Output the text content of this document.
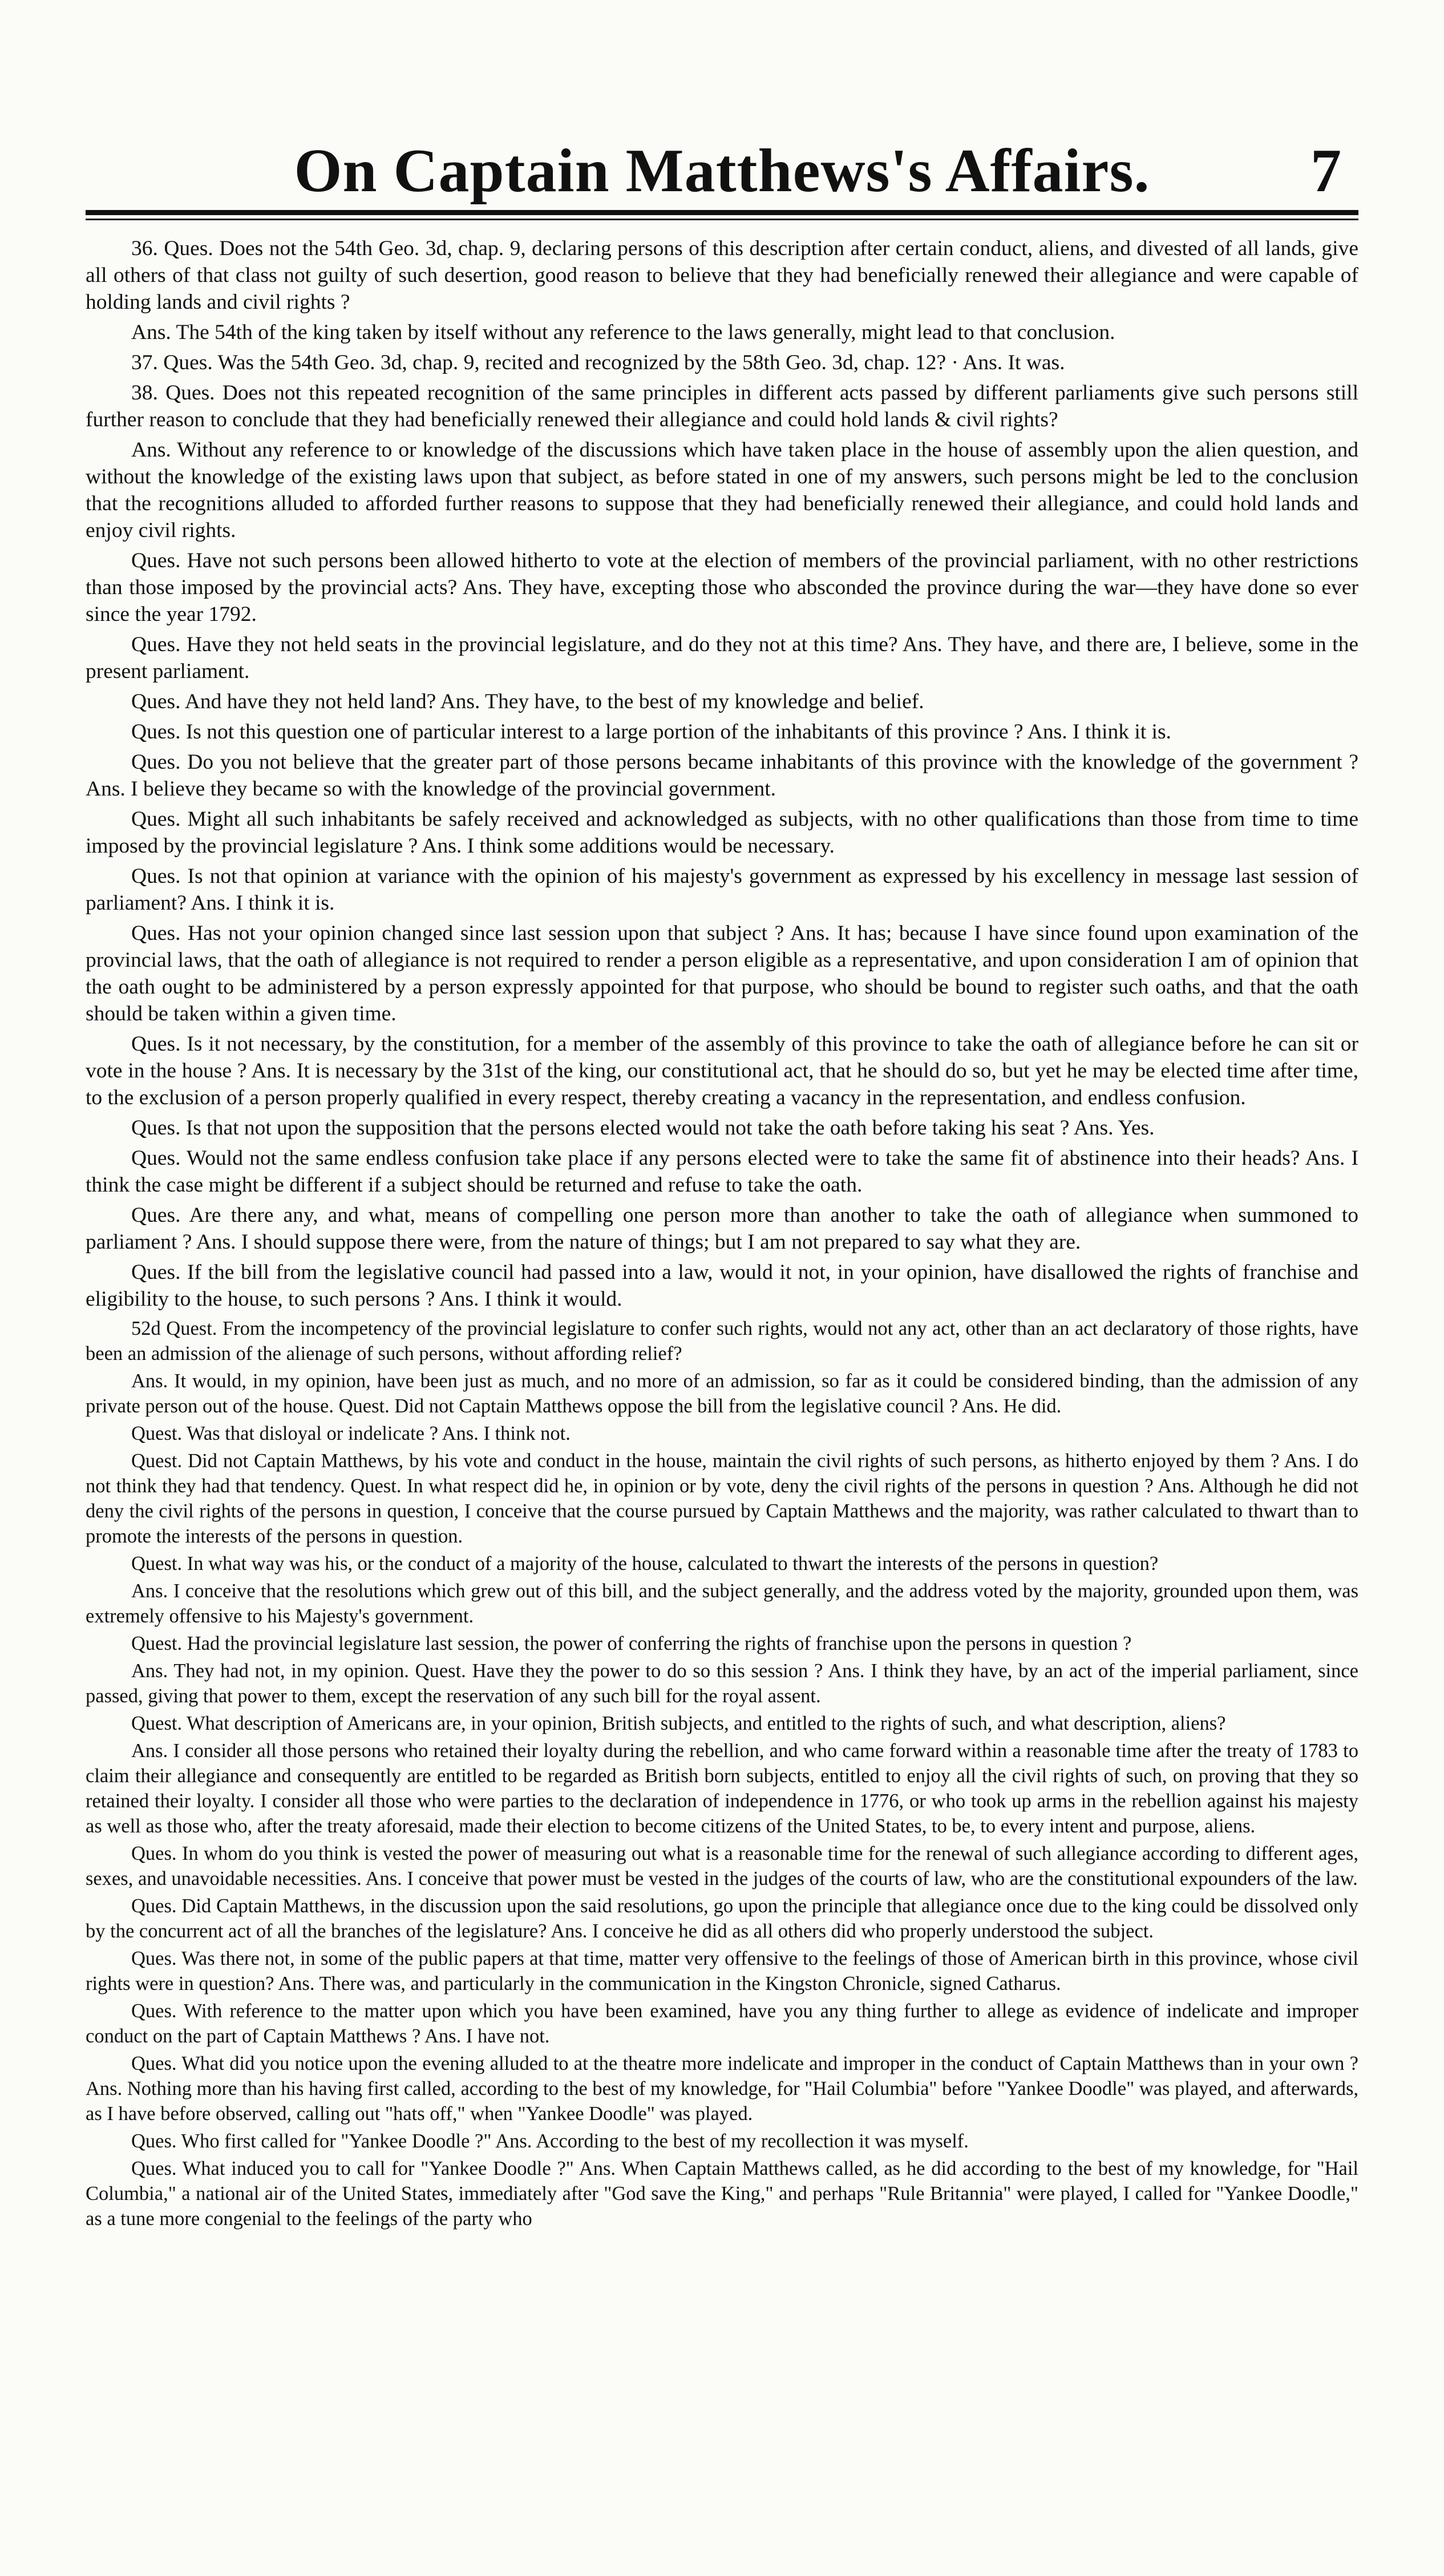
On Captain Matthews's Affairs.	7

36. Ques. Does not the 54th Geo. 3d, chap. 9, declaring persons of this description after certain conduct, aliens, and divested of all lands, give all others of that class not guilty of such desertion, good reason to believe that they had beneficially renewed their allegiance and were capable of holding lands and civil rights ?

Ans. The 54th of the king taken by itself without any reference to the laws generally, might lead to that conclusion.

37. Ques. Was the 54th Geo. 3d, chap. 9, recited and recognized by the 58th Geo. 3d, chap. 12? · Ans. It was.

38. Ques. Does not this repeated recognition of the same principles in different acts passed by different parliaments give such persons still further reason to conclude that they had beneficially renewed their allegiance and could hold lands & civil rights?

Ans. Without any reference to or knowledge of the discussions which have taken place in the house of assembly upon the alien question, and without the knowledge of the existing laws upon that subject, as before stated in one of my answers, such persons might be led to the conclusion that the recognitions alluded to afforded further reasons to suppose that they had beneficially renewed their allegiance, and could hold lands and enjoy civil rights.

Ques. Have not such persons been allowed hitherto to vote at the election of members of the provincial parliament, with no other restrictions than those imposed by the provincial acts? Ans. They have, excepting those who absconded the province during the war—they have done so ever since the year 1792.

Ques. Have they not held seats in the provincial legislature, and do they not at this time? Ans. They have, and there are, I believe, some in the present parliament.

Ques. And have they not held land? Ans. They have, to the best of my knowledge and belief.

Ques. Is not this question one of particular interest to a large portion of the inhabitants of this province ? Ans. I think it is.

Ques. Do you not believe that the greater part of those persons became inhabitants of this province with the knowledge of the government ? Ans. I believe they became so with the knowledge of the provincial government.

Ques. Might all such inhabitants be safely received and acknowledged as subjects, with no other qualifications than those from time to time imposed by the provincial legislature ? Ans. I think some additions would be necessary.

Ques. Is not that opinion at variance with the opinion of his majesty's government as expressed by his excellency in message last session of parliament? Ans. I think it is.

Ques. Has not your opinion changed since last session upon that subject ? Ans. It has; because I have since found upon examination of the provincial laws, that the oath of allegiance is not required to render a person eligible as a representative, and upon consideration I am of opinion that the oath ought to be administered by a person expressly appointed for that purpose, who should be bound to register such oaths, and that the oath should be taken within a given time.

Ques. Is it not necessary, by the constitution, for a member of the assembly of this province to take the oath of allegiance before he can sit or vote in the house ? Ans. It is necessary by the 31st of the king, our constitutional act, that he should do so, but yet he may be elected time after time, to the exclusion of a person properly qualified in every respect, thereby creating a vacancy in the representation, and endless confusion.

Ques. Is that not upon the supposition that the persons elected would not take the oath before taking his seat ? Ans. Yes.

Ques. Would not the same endless confusion take place if any persons elected were to take the same fit of abstinence into their heads? Ans. I think the case might be different if a subject should be returned and refuse to take the oath.

Ques. Are there any, and what, means of compelling one person more than another to take the oath of allegiance when summoned to parliament ? Ans. I should suppose there were, from the nature of things; but I am not prepared to say what they are.

Ques. If the bill from the legislative council had passed into a law, would it not, in your opinion, have disallowed the rights of franchise and eligibility to the house, to such persons ? Ans. I think it would.

52d Quest. From the incompetency of the provincial legislature to confer such rights, would not any act, other than an act declaratory of those rights, have been an admission of the alienage of such persons, without affording relief?

Ans. It would, in my opinion, have been just as much, and no more of an admission, so far as it could be considered binding, than the admission of any private person out of the house. Quest. Did not Captain Matthews oppose the bill from the legislative council ? Ans. He did.

Quest. Was that disloyal or indelicate ? Ans. I think not.

Quest. Did not Captain Matthews, by his vote and conduct in the house, maintain the civil rights of such persons, as hitherto enjoyed by them ? Ans. I do not think they had that tendency. Quest. In what respect did he, in opinion or by vote, deny the civil rights of the persons in question ? Ans. Although he did not deny the civil rights of the persons in question, I conceive that the course pursued by Captain Matthews and the majority, was rather calculated to thwart than to promote the interests of the persons in question.

Quest. In what way was his, or the conduct of a majority of the house, calculated to thwart the interests of the persons in question?

Ans. I conceive that the resolutions which grew out of this bill, and the subject generally, and the address voted by the majority, grounded upon them, was extremely offensive to his Majesty's government.

Quest. Had the provincial legislature last session, the power of conferring the rights of franchise upon the persons in question ?

Ans. They had not, in my opinion. Quest. Have they the power to do so this session ? Ans. I think they have, by an act of the imperial parliament, since passed, giving that power to them, except the reservation of any such bill for the royal assent.

Quest. What description of Americans are, in your opinion, British subjects, and entitled to the rights of such, and what description, aliens?

Ans. I consider all those persons who retained their loyalty during the rebellion, and who came forward within a reasonable time after the treaty of 1783 to claim their allegiance and consequently are entitled to be regarded as British born subjects, entitled to enjoy all the civil rights of such, on proving that they so retained their loyalty. I consider all those who were parties to the declaration of independence in 1776, or who took up arms in the rebellion against his majesty as well as those who, after the treaty aforesaid, made their election to become citizens of the United States, to be, to every intent and purpose, aliens.

Ques. In whom do you think is vested the power of measuring out what is a reasonable time for the renewal of such allegiance according to different ages, sexes, and unavoidable necessities. Ans. I conceive that power must be vested in the judges of the courts of law, who are the constitutional expounders of the law.

Ques. Did Captain Matthews, in the discussion upon the said resolutions, go upon the principle that allegiance once due to the king could be dissolved only by the concurrent act of all the branches of the legislature? Ans. I conceive he did as all others did who properly understood the subject.

Ques. Was there not, in some of the public papers at that time, matter very offensive to the feelings of those of American birth in this province, whose civil rights were in question? Ans. There was, and particularly in the communication in the Kingston Chronicle, signed Catharus.

Ques. With reference to the matter upon which you have been examined, have you any thing further to allege as evidence of indelicate and improper conduct on the part of Captain Matthews ? Ans. I have not.

Ques. What did you notice upon the evening alluded to at the theatre more indelicate and improper in the conduct of Captain Matthews than in your own ? Ans. Nothing more than his having first called, according to the best of my knowledge, for "Hail Columbia" before "Yankee Doodle" was played, and afterwards, as I have before observed, calling out "hats off," when "Yankee Doodle" was played.

Ques. Who first called for "Yankee Doodle ?" Ans. According to the best of my recollection it was myself.

Ques. What induced you to call for "Yankee Doodle ?" Ans. When Captain Matthews called, as he did according to the best of my knowledge, for "Hail Columbia," a national air of the United States, immediately after "God save the King," and perhaps "Rule Britannia" were played, I called for "Yankee Doodle," as a tune more congenial to the feelings of the party who
